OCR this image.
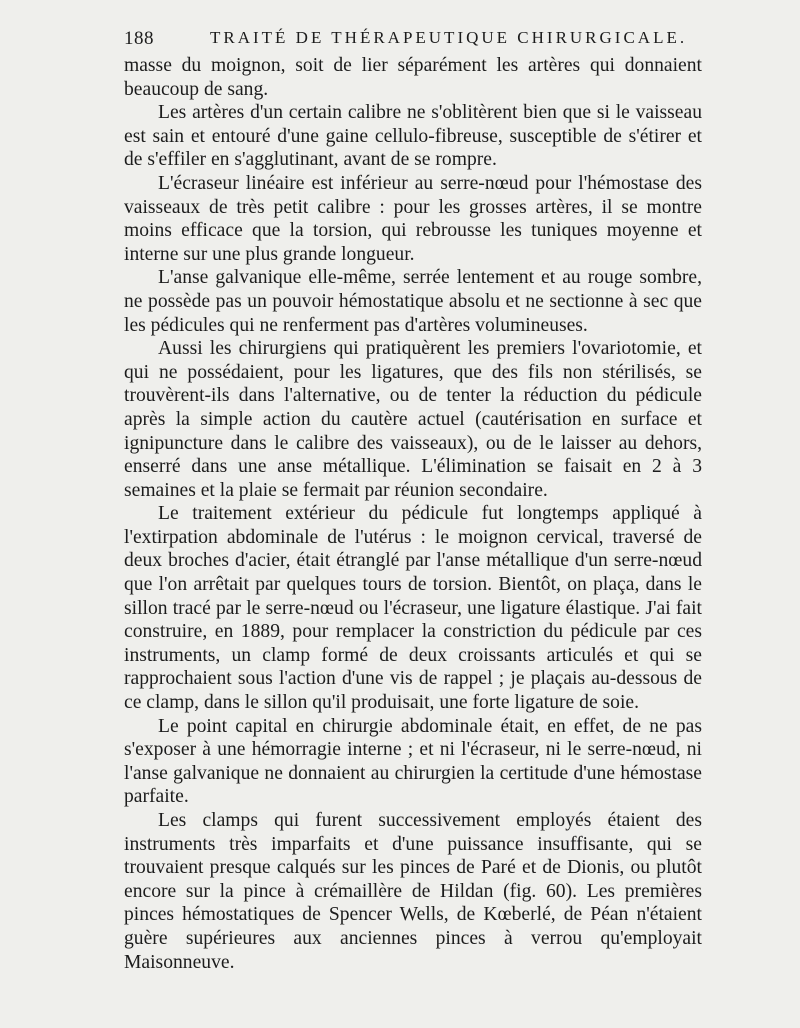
188	TRAITÉ DE THÉRAPEUTIQUE CHIRURGICALE.

masse du moignon, soit de lier séparément les artères qui donnaient beaucoup de sang.

Les artères d'un certain calibre ne s'oblitèrent bien que si le vaisseau est sain et entouré d'une gaine cellulo-fibreuse, susceptible de s'étirer et de s'effiler en s'agglutinant, avant de se rompre.

L'écraseur linéaire est inférieur au serre-nœud pour l'hémostase des vaisseaux de très petit calibre : pour les grosses artères, il se montre moins efficace que la torsion, qui rebrousse les tuniques moyenne et interne sur une plus grande longueur.

L'anse galvanique elle-même, serrée lentement et au rouge sombre, ne possède pas un pouvoir hémostatique absolu et ne sectionne à sec que les pédicules qui ne renferment pas d'artères volumineuses.

Aussi les chirurgiens qui pratiquèrent les premiers l'ovariotomie, et qui ne possédaient, pour les ligatures, que des fils non stérilisés, se trouvèrent-ils dans l'alternative, ou de tenter la réduction du pédicule après la simple action du cautère actuel (cautérisation en surface et ignipuncture dans le calibre des vaisseaux), ou de le laisser au dehors, enserré dans une anse métallique. L'élimination se faisait en 2 à 3 semaines et la plaie se fermait par réunion secondaire.

Le traitement extérieur du pédicule fut longtemps appliqué à l'extirpation abdominale de l'utérus : le moignon cervical, traversé de deux broches d'acier, était étranglé par l'anse métallique d'un serre-nœud que l'on arrêtait par quelques tours de torsion. Bientôt, on plaça, dans le sillon tracé par le serre-nœud ou l'écraseur, une ligature élastique. J'ai fait construire, en 1889, pour remplacer la constriction du pédicule par ces instruments, un clamp formé de deux croissants articulés et qui se rapprochaient sous l'action d'une vis de rappel ; je plaçais au-dessous de ce clamp, dans le sillon qu'il produisait, une forte ligature de soie.

Le point capital en chirurgie abdominale était, en effet, de ne pas s'exposer à une hémorragie interne ; et ni l'écraseur, ni le serre-nœud, ni l'anse galvanique ne donnaient au chirurgien la certitude d'une hémostase parfaite.

Les clamps qui furent successivement employés étaient des instruments très imparfaits et d'une puissance insuffisante, qui se trouvaient presque calqués sur les pinces de Paré et de Dionis, ou plutôt encore sur la pince à crémaillère de Hildan (fig. 60). Les premières pinces hémostatiques de Spencer Wells, de Kœberlé, de Péan n'étaient guère supérieures aux anciennes pinces à verrou qu'employait Maisonneuve.
